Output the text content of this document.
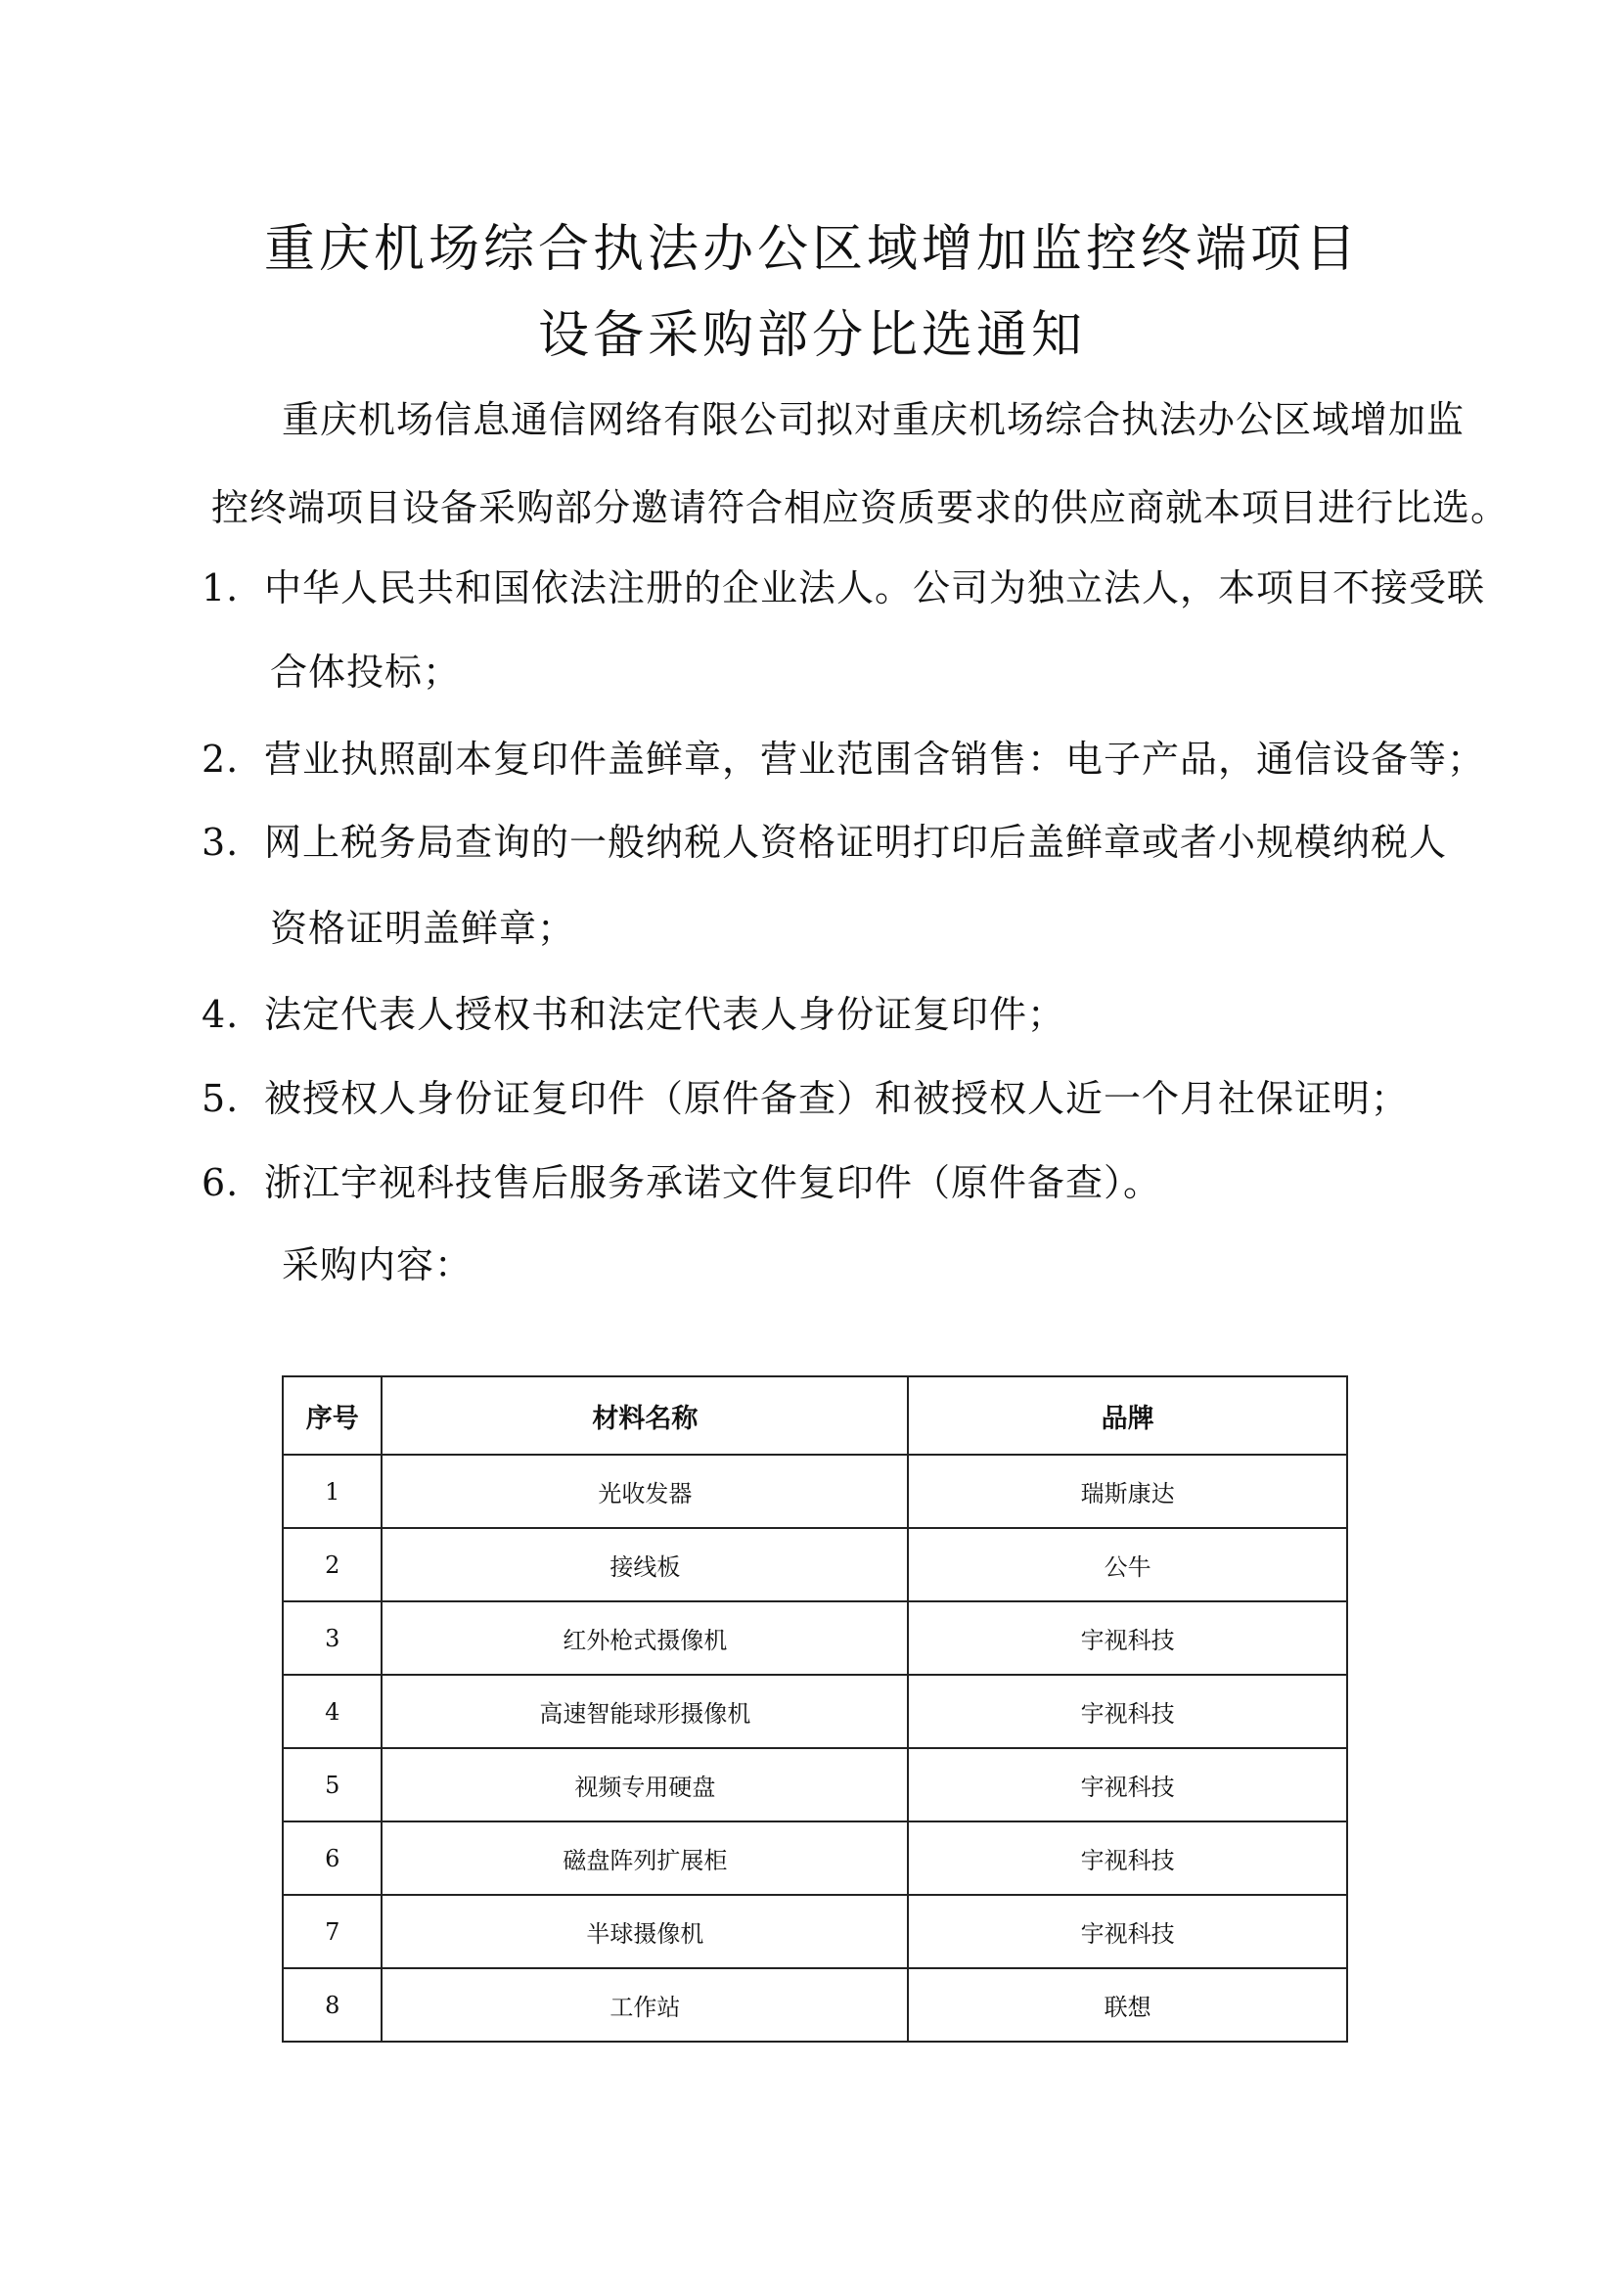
重庆机场综合执法办公区域增加监控终端项目
设备采购部分比选通知

重庆机场信息通信网络有限公司拟对重庆机场综合执法办公区域增加监

控终端项目设备采购部分邀请符合相应资质要求的供应商就本项目进行比选。

1. 中华人民共和国依法注册的企业法人。公司为独立法人，本项目不接受联

合体投标；

2. 营业执照副本复印件盖鲜章，营业范围含销售：电子产品，通信设备等；

3. 网上税务局查询的一般纳税人资格证明打印后盖鲜章或者小规模纳税人

资格证明盖鲜章；

4. 法定代表人授权书和法定代表人身份证复印件；

5. 被授权人身份证复印件（原件备查）和被授权人近一个月社保证明；

6. 浙江宇视科技售后服务承诺文件复印件（原件备查）。

采购内容：

序号	材料名称	品牌
1	光收发器	瑞斯康达
2	接线板	公牛
3	红外枪式摄像机	宇视科技
4	高速智能球形摄像机	宇视科技
5	视频专用硬盘	宇视科技
6	磁盘阵列扩展柜	宇视科技
7	半球摄像机	宇视科技
8	工作站	联想
